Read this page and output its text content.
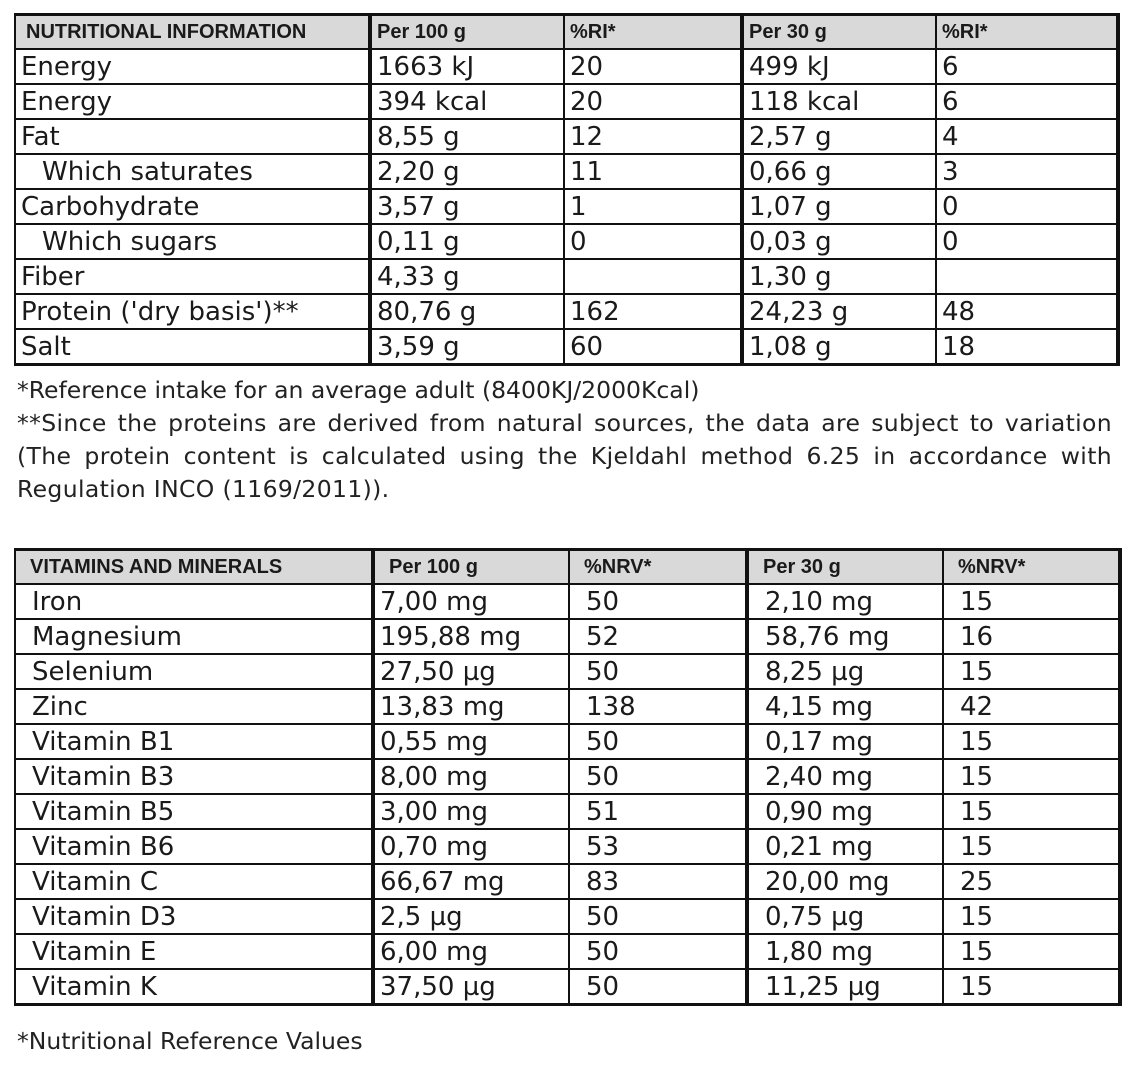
NUTRITIONAL INFORMATION	Per 100 g	%RI*	Per 30 g	%RI*
Energy	1663 kJ	20	499 kJ	6
Energy	394 kcal	20	118 kcal	6
Fat	8,55 g	12	2,57 g	4
Which saturates	2,20 g	11	0,66 g	3
Carbohydrate	3,57 g	1	1,07 g	0
Which sugars	0,11 g	0	0,03 g	0
Fiber	4,33 g		1,30 g	
Protein ('dry basis')**	80,76 g	162	24,23 g	48
Salt	3,59 g	60	1,08 g	18

*Reference intake for an average adult (8400KJ/2000Kcal)

**Since the proteins are derived from natural sources, the data are subject to variation (The protein content is calculated using the Kjeldahl method 6.25 in accordance with Regulation INCO (1169/2011)).

VITAMINS AND MINERALS	Per 100 g	%NRV*	Per 30 g	%NRV*
Iron	7,00 mg	50	2,10 mg	15
Magnesium	195,88 mg	52	58,76 mg	16
Selenium	27,50 µg	50	8,25 µg	15
Zinc	13,83 mg	138	4,15 mg	42
Vitamin B1	0,55 mg	50	0,17 mg	15
Vitamin B3	8,00 mg	50	2,40 mg	15
Vitamin B5	3,00 mg	51	0,90 mg	15
Vitamin B6	0,70 mg	53	0,21 mg	15
Vitamin C	66,67 mg	83	20,00 mg	25
Vitamin D3	2,5 µg	50	0,75 µg	15
Vitamin E	6,00 mg	50	1,80 mg	15
Vitamin K	37,50 µg	50	11,25 µg	15

*Nutritional Reference Values
